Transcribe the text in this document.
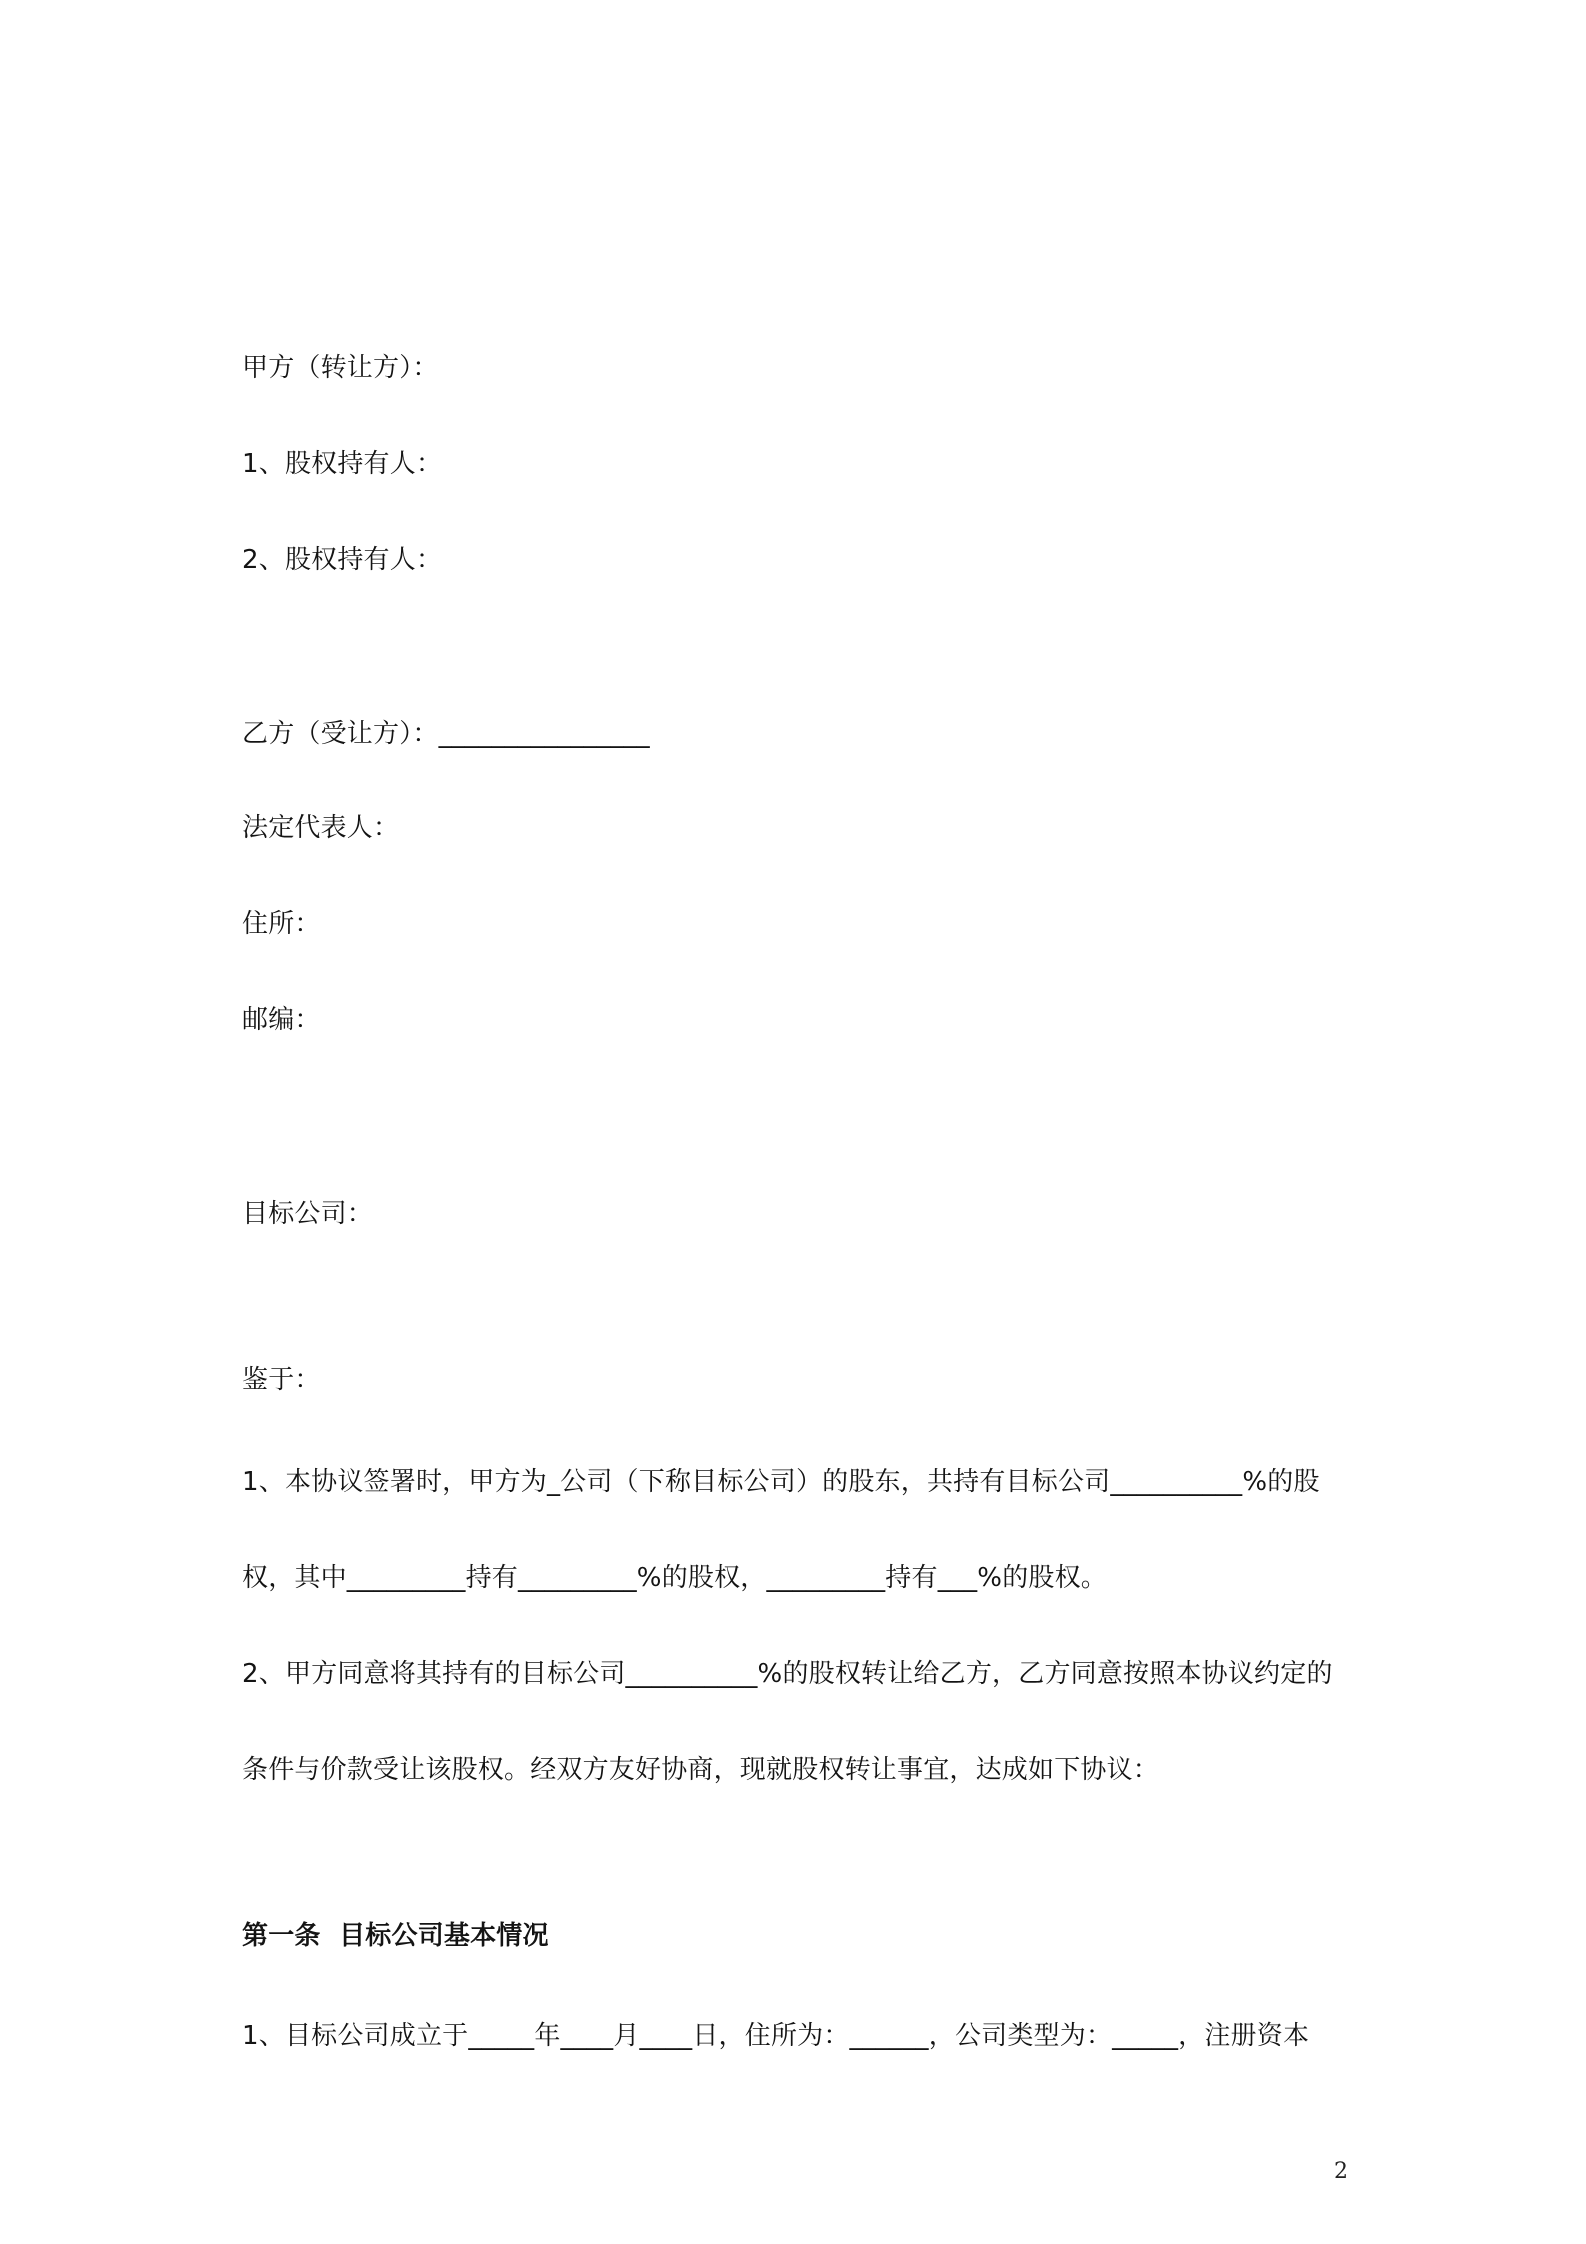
甲方（转让方）：
1、股权持有人：
2、股权持有人：
乙方（受让方）：________________
法定代表人：
住所：
邮编：
目标公司：
鉴于：
1、本协议签署时，甲方为_公司（下称目标公司）的股东，共持有目标公司__________%的股
权，其中_________持有_________%的股权，_________持有___%的股权。
2、甲方同意将其持有的目标公司__________%的股权转让给乙方，乙方同意按照本协议约定的
条件与价款受让该股权。经双方友好协商，现就股权转让事宜，达成如下协议：
第一条  目标公司基本情况
1、目标公司成立于_____年____月____日，住所为：______，公司类型为：_____，注册资本
2
